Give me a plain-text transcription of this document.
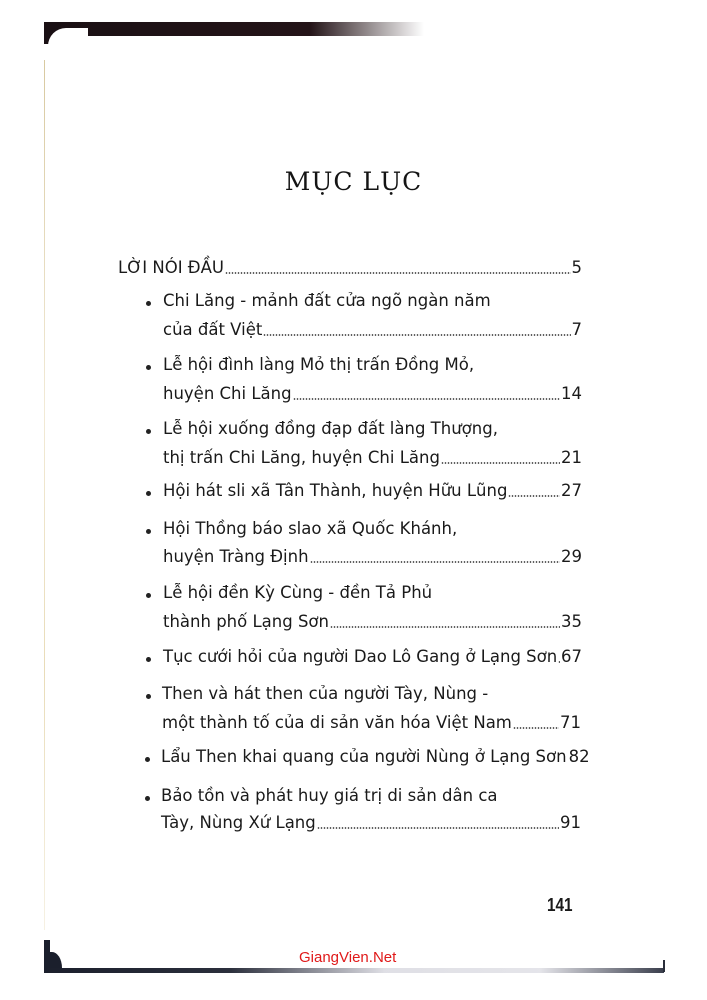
MỤC LỤC
LỜI NÓI ĐẦU	5
Chi Lăng - mảnh đất cửa ngõ ngàn năm
của đất Việt	7
Lễ hội đình làng Mỏ thị trấn Đồng Mỏ,
huyện Chi Lăng	14
Lễ hội xuống đồng đạp đất làng Thượng,
thị trấn Chi Lăng, huyện Chi Lăng	21
Hội hát sli xã Tân Thành, huyện Hữu Lũng	27
Hội Thồng báo slao xã Quốc Khánh,
huyện Tràng Định	29
Lễ hội đền Kỳ Cùng - đền Tả Phủ
thành phố Lạng Sơn	35
Tục cưới hỏi của người Dao Lô Gang ở Lạng Sơn 67
Then và hát then của người Tày, Nùng -
một thành tố của di sản văn hóa Việt Nam	71
Lẩu Then khai quang của người Nùng ở Lạng Sơn 82
Bảo tồn và phát huy giá trị di sản dân ca
Tày, Nùng Xứ Lạng	91
141
GiangVien.Net
